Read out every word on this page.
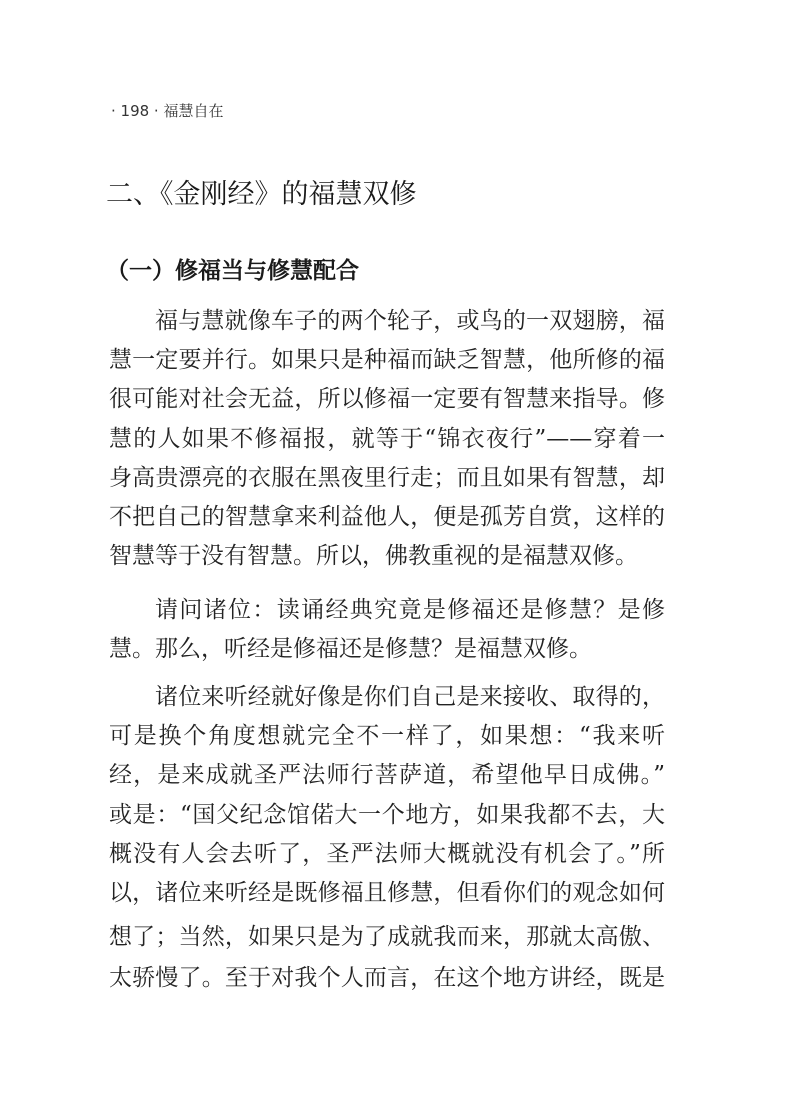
· 198 · 福慧自在
二、《金刚经》的福慧双修
（一）修福当与修慧配合
福与慧就像车子的两个轮子，或鸟的一双翅膀，福
慧一定要并行。如果只是种福而缺乏智慧，他所修的福
很可能对社会无益，所以修福一定要有智慧来指导。修
慧的人如果不修福报，就等于“锦衣夜行”——穿着一
身高贵漂亮的衣服在黑夜里行走；而且如果有智慧，却
不把自己的智慧拿来利益他人，便是孤芳自赏，这样的
智慧等于没有智慧。所以，佛教重视的是福慧双修。
请问诸位：读诵经典究竟是修福还是修慧？是修
慧。那么，听经是修福还是修慧？是福慧双修。
诸位来听经就好像是你们自己是来接收、取得的，
可是换个角度想就完全不一样了，如果想：“我来听
经，是来成就圣严法师行菩萨道，希望他早日成佛。”
或是：“国父纪念馆偌大一个地方，如果我都不去，大
概没有人会去听了，圣严法师大概就没有机会了。”所
以，诸位来听经是既修福且修慧，但看你们的观念如何
想了；当然，如果只是为了成就我而来，那就太高傲、
太骄慢了。至于对我个人而言，在这个地方讲经，既是
